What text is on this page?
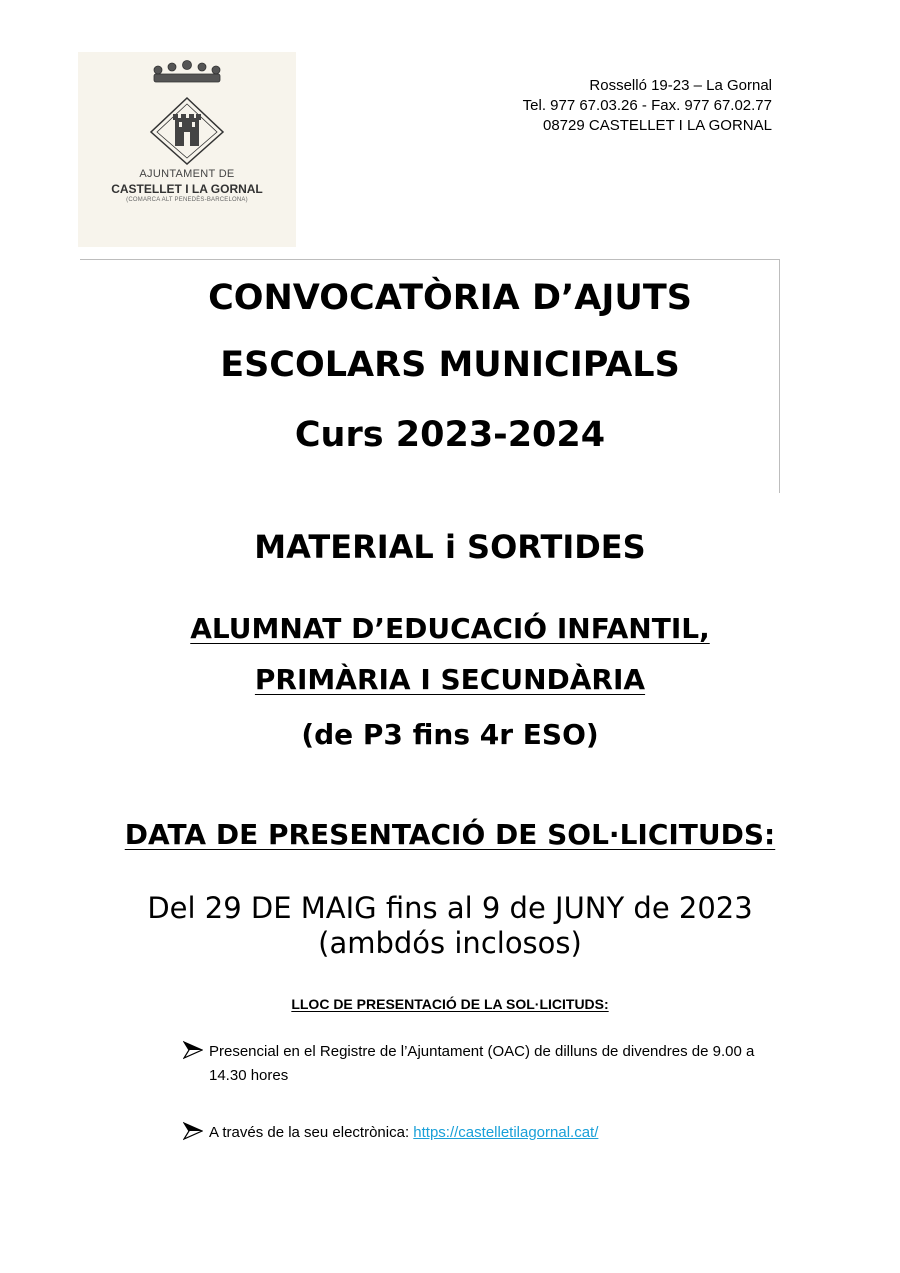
AJUNTAMENT DE
CASTELLET I LA GORNAL
(COMARCA ALT PENEDÈS-BARCELONA)
Rosselló 19-23 – La Gornal
Tel. 977 67.03.26 - Fax. 977 67.02.77
08729 CASTELLET I LA GORNAL
CONVOCATÒRIA D’AJUTS
ESCOLARS MUNICIPALS
Curs 2023-2024
MATERIAL i SORTIDES
ALUMNAT D’EDUCACIÓ INFANTIL,
PRIMÀRIA I SECUNDÀRIA
(de P3 fins 4r ESO)
DATA DE PRESENTACIÓ DE SOL·LICITUDS:
Del 29 DE MAIG fins al 9 de JUNY de 2023
(ambdós inclosos)
LLOC DE PRESENTACIÓ DE LA SOL·LICITUDS:
Presencial en el Registre de l’Ajuntament (OAC) de dilluns de divendres de 9.00 a 14.30 hores
A través de la seu electrònica: https://castelletilagornal.cat/
